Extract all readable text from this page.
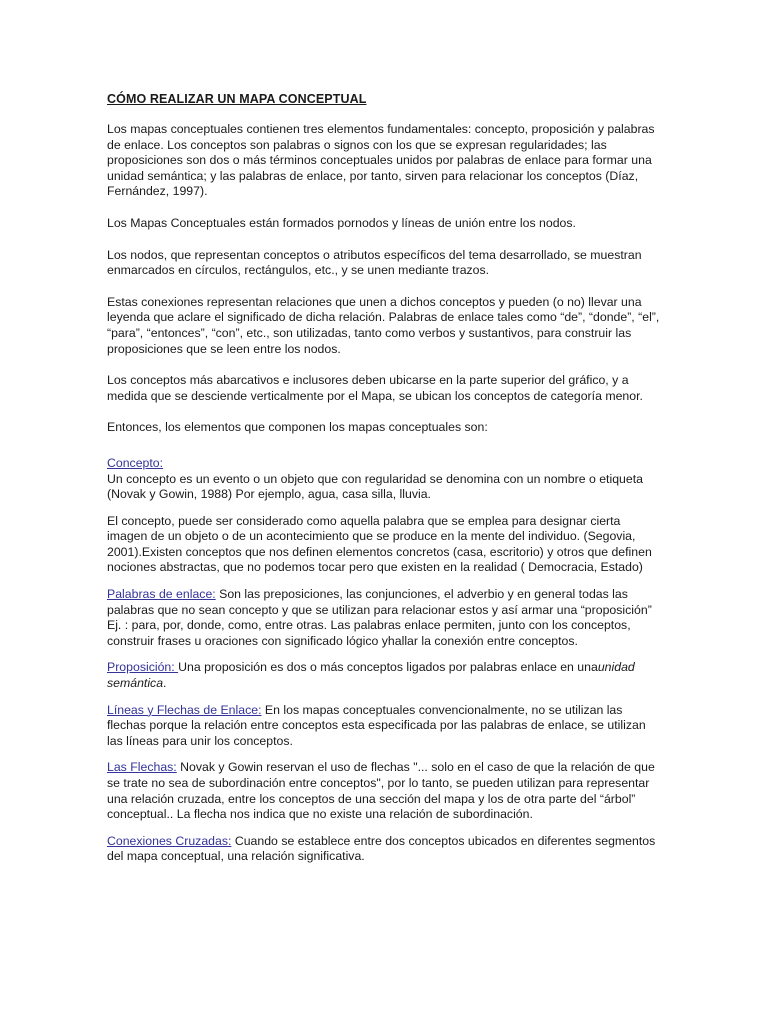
CÓMO REALIZAR UN MAPA CONCEPTUAL

Los mapas conceptuales contienen tres elementos fundamentales: concepto, proposición y palabras de enlace. Los conceptos son palabras o signos con los que se expresan regularidades; las proposiciones son dos o más términos conceptuales unidos por palabras de enlace para formar una unidad semántica; y las palabras de enlace, por tanto, sirven para relacionar los conceptos (Díaz, Fernández, 1997).

Los Mapas Conceptuales están formados pornodos y líneas de unión entre los nodos.

Los nodos, que representan conceptos o atributos específicos del tema desarrollado, se muestran enmarcados en círculos, rectángulos, etc., y se unen mediante trazos.

Estas conexiones representan relaciones que unen a dichos conceptos y pueden (o no) llevar una leyenda que aclare el significado de dicha relación. Palabras de enlace tales como “de”, “donde”, “el”, “para”, “entonces”, “con”, etc., son utilizadas, tanto como verbos y sustantivos, para construir las proposiciones que se leen entre los nodos.

Los conceptos más abarcativos e inclusores deben ubicarse en la parte superior del gráfico, y a medida que se desciende verticalmente por el Mapa, se ubican los conceptos de categoría menor.

Entonces, los elementos que componen los mapas conceptuales son:

Concepto:
Un concepto es un evento o un objeto que con regularidad se denomina con un nombre o etiqueta (Novak y Gowin, 1988) Por ejemplo, agua, casa silla, lluvia.

El concepto, puede ser considerado como aquella palabra que se emplea para designar cierta imagen de un objeto o de un acontecimiento que se produce en la mente del individuo. (Segovia, 2001).Existen conceptos que nos definen elementos concretos (casa, escritorio) y otros que definen nociones abstractas, que no podemos tocar pero que existen en la realidad ( Democracia, Estado)

Palabras de enlace: Son las preposiciones, las conjunciones, el adverbio y en general todas las palabras que no sean concepto y que se utilizan para relacionar estos y así armar una “proposición” Ej. : para, por, donde, como, entre otras. Las palabras enlace permiten, junto con los conceptos, construir frases u oraciones con significado lógico yhallar la conexión entre conceptos.

Proposición: Una proposición es dos o más conceptos ligados por palabras enlace en unaunidad semántica.

Líneas y Flechas de Enlace: En los mapas conceptuales convencionalmente, no se utilizan las flechas porque la relación entre conceptos esta especificada por las palabras de enlace, se utilizan las líneas para unir los conceptos.

Las Flechas: Novak y Gowin reservan el uso de flechas "... solo en el caso de que la relación de que se trate no sea de subordinación entre conceptos", por lo tanto, se pueden utilizan para representar una relación cruzada, entre los conceptos de una sección del mapa y los de otra parte del “árbol” conceptual.. La flecha nos indica que no existe una relación de subordinación.

Conexiones Cruzadas: Cuando se establece entre dos conceptos ubicados en diferentes segmentos del mapa conceptual, una relación significativa.
